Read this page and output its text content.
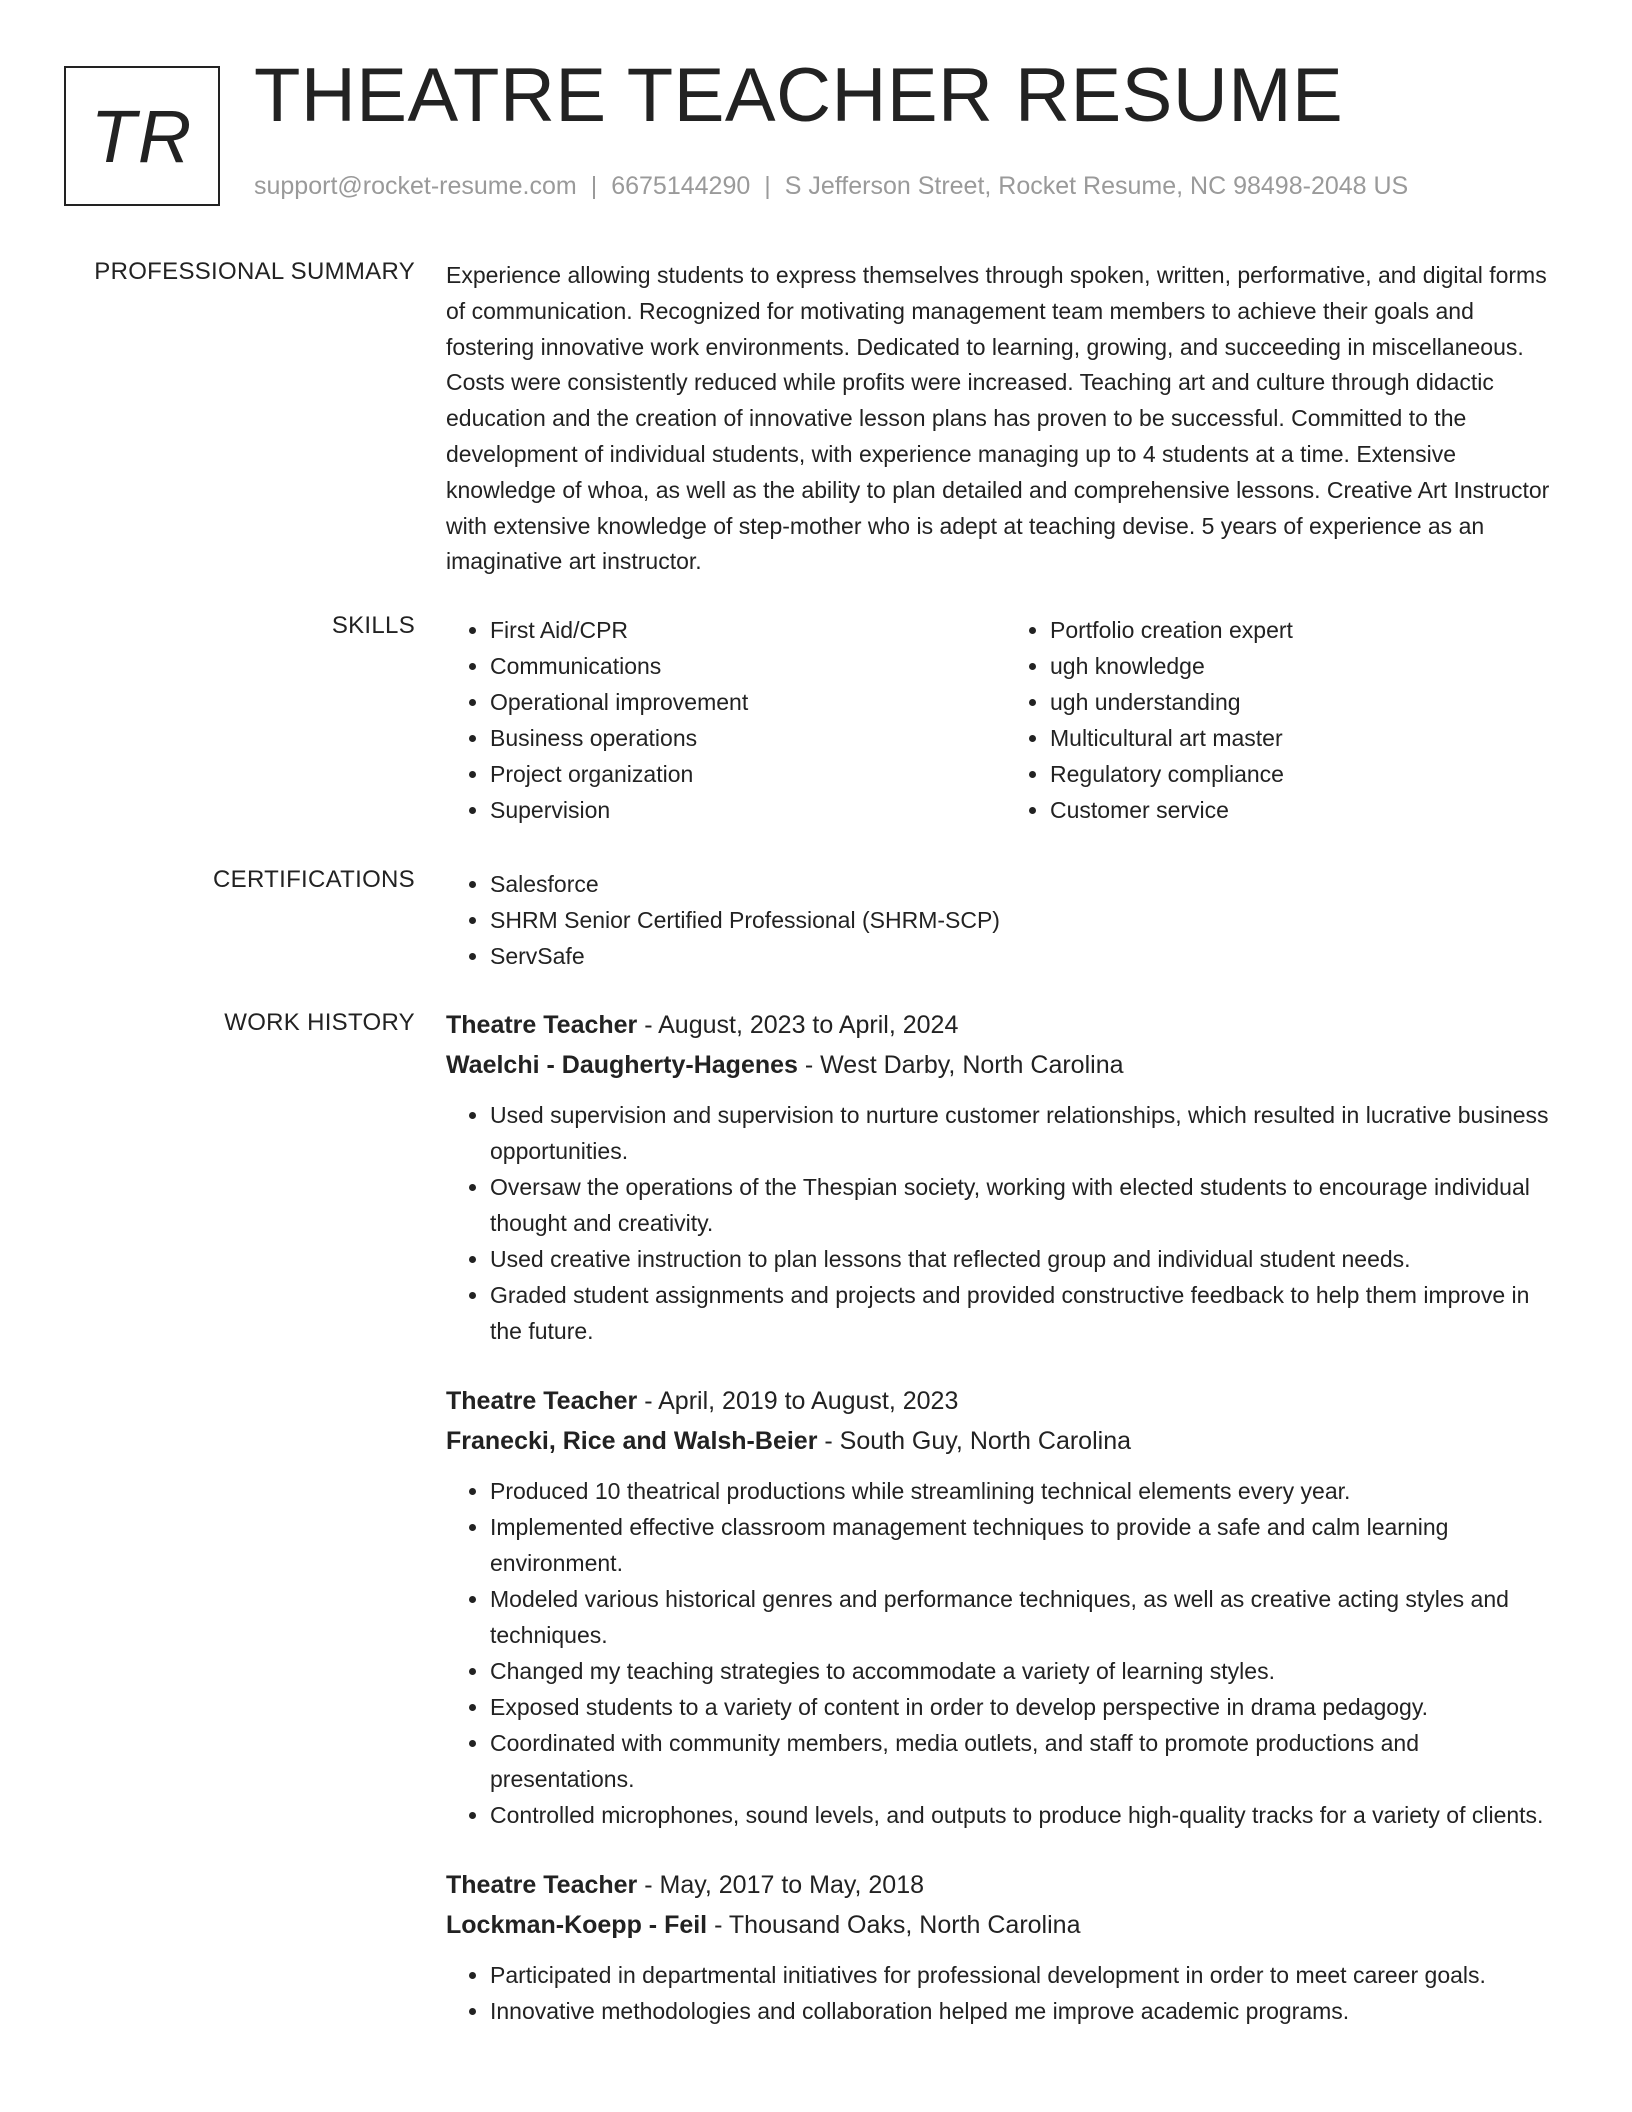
TR THEATRE TEACHER RESUME
support@rocket-resume.com | 6675144290 | S Jefferson Street, Rocket Resume, NC 98498-2048 US
PROFESSIONAL SUMMARY Experience allowing students to express themselves through spoken, written, performative, and digital forms of communication. Recognized for motivating management team members to achieve their goals and fostering innovative work environments. Dedicated to learning, growing, and succeeding in miscellaneous. Costs were consistently reduced while profits were increased. Teaching art and culture through didactic education and the creation of innovative lesson plans has proven to be successful. Committed to the development of individual students, with experience managing up to 4 students at a time. Extensive knowledge of whoa, as well as the ability to plan detailed and comprehensive lessons. Creative Art Instructor with extensive knowledge of step-mother who is adept at teaching devise. 5 years of experience as an imaginative art instructor.
SKILLS	• First Aid/CPR
• Communications
• Operational improvement
• Business operations
• Project organization
• Supervision
• Portfolio creation expert
• ugh knowledge
• ugh understanding
• Multicultural art master
• Regulatory compliance
• Customer service
CERTIFICATIONS	• Salesforce
• SHRM Senior Certified Professional (SHRM-SCP)
• ServSafe
WORK HISTORY Theatre Teacher - August, 2023 to April, 2024
Waelchi - Daugherty-Hagenes - West Darby, North Carolina
• Used supervision and supervision to nurture customer relationships, which resulted in lucrative business opportunities.
• Oversaw the operations of the Thespian society, working with elected students to encourage individual thought and creativity.
• Used creative instruction to plan lessons that reflected group and individual student needs.
• Graded student assignments and projects and provided constructive feedback to help them improve in the future.
Theatre Teacher - April, 2019 to August, 2023
Franecki, Rice and Walsh-Beier - South Guy, North Carolina
• Produced 10 theatrical productions while streamlining technical elements every year.
• Implemented effective classroom management techniques to provide a safe and calm learning environment.
• Modeled various historical genres and performance techniques, as well as creative acting styles and techniques.
• Changed my teaching strategies to accommodate a variety of learning styles.
• Exposed students to a variety of content in order to develop perspective in drama pedagogy.
• Coordinated with community members, media outlets, and staff to promote productions and presentations.
• Controlled microphones, sound levels, and outputs to produce high-quality tracks for a variety of clients.
Theatre Teacher - May, 2017 to May, 2018
Lockman-Koepp - Feil - Thousand Oaks, North Carolina
• Participated in departmental initiatives for professional development in order to meet career goals.
• Innovative methodologies and collaboration helped me improve academic programs.
